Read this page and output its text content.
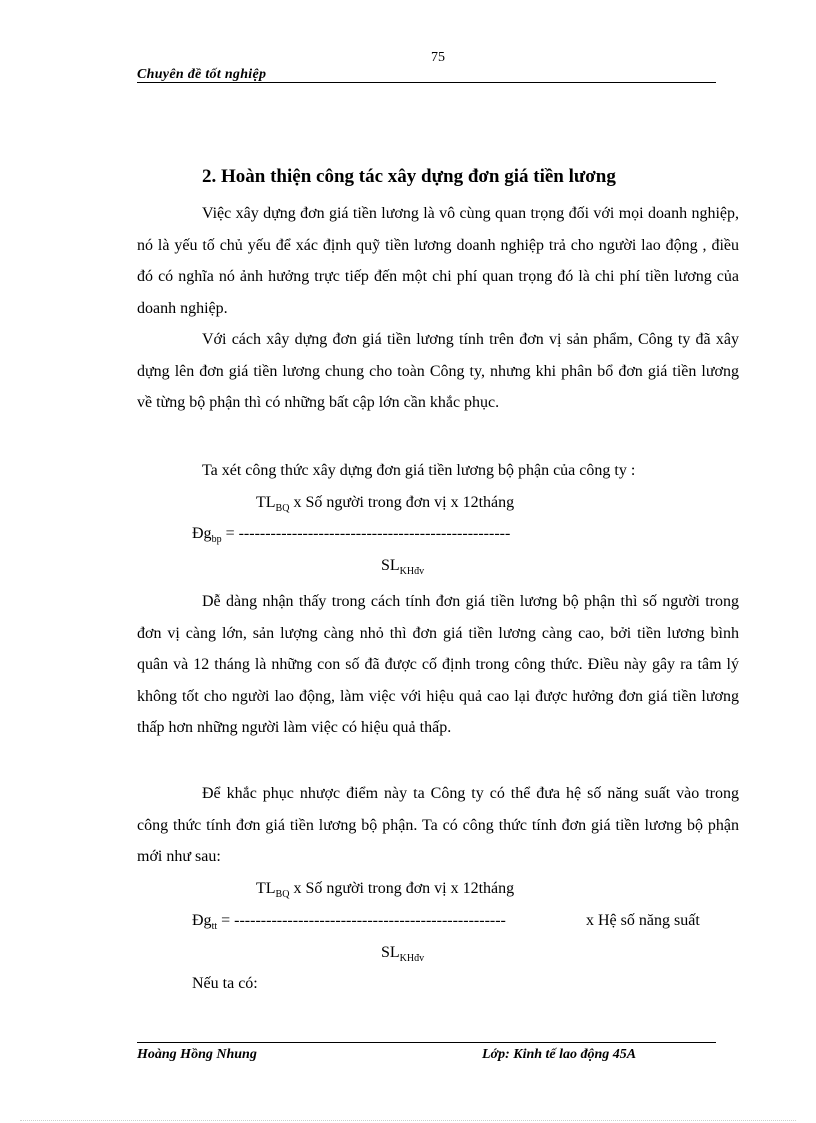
75
Chuyên đề tốt nghiệp
2. Hoàn thiện công tác xây dựng đơn giá tiền lương

Việc xây dựng đơn giá tiền lương là vô cùng quan trọng đối với mọi doanh nghiệp, nó là yếu tố chủ yếu để xác định quỹ tiền lương doanh nghiệp trả cho người lao động , điều đó có nghĩa nó ảnh hưởng trực tiếp đến một chi phí quan trọng đó là chi phí tiền lương của doanh nghiệp.

Với cách xây dựng đơn giá tiền lương tính trên đơn vị sản phẩm, Công ty đã xây dựng lên đơn giá tiền lương chung cho toàn Công ty, nhưng khi phân bổ đơn giá tiền lương về từng bộ phận thì có những bất cập lớn cần khắc phục.

Ta xét công thức xây dựng đơn giá tiền lương bộ phận của công ty :

$TL_{BQ}$ x Số người trong đơn vị x 12tháng
$Đg_{bp}$ = ---------------------------------------------------
$SL_{KHđv}$

Dễ dàng nhận thấy trong cách tính đơn giá tiền lương bộ phận thì số người trong đơn vị càng lớn, sản lượng càng nhỏ thì đơn giá tiền lương càng cao, bởi tiền lương bình quân và 12 tháng là những con số đã được cố định trong công thức. Điều này gây ra tâm lý không tốt cho người lao động, làm việc với hiệu quả cao lại được hưởng đơn giá tiền lương thấp hơn những người làm việc có hiệu quả thấp.

Để khắc phục nhược điểm này ta Công ty có thể đưa hệ số năng suất vào trong công thức tính đơn giá tiền lương bộ phận. Ta có công thức tính đơn giá tiền lương bộ phận mới như sau:

$TL_{BQ}$ x Số người trong đơn vị x 12tháng
$Đg_{tt}$ = ---------------------------------------------------	x Hệ số năng suất
$SL_{KHđv}$
Nếu ta có:
Hoàng Hồng Nhung	Lớp: Kinh tế lao động 45A
